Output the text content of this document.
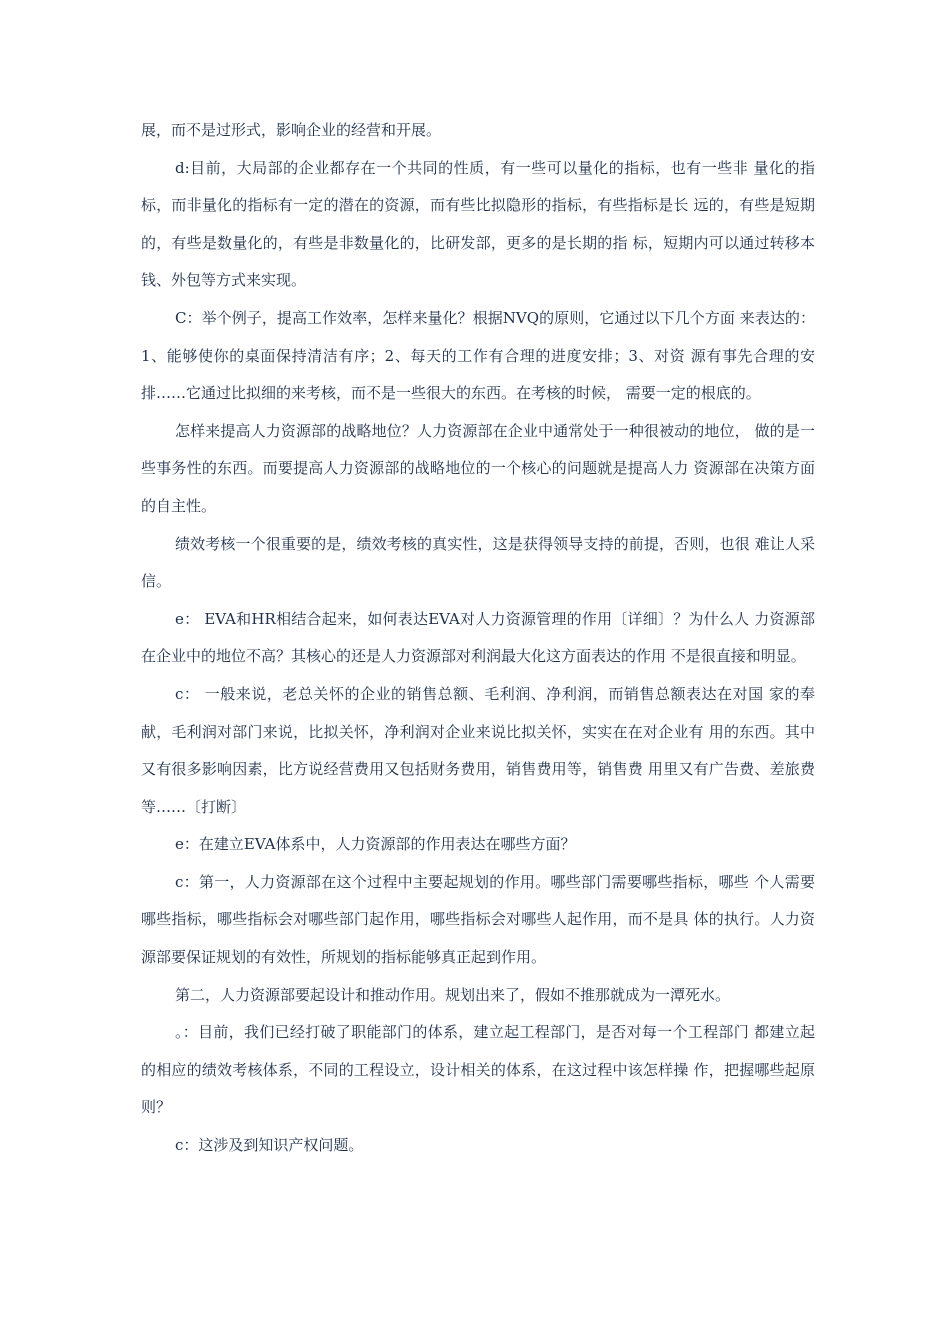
展，而不是过形式，影响企业的经营和开展。

d:目前，大局部的企业都存在一个共同的性质，有一些可以量化的指标，也有一些非 量化的指标，而非量化的指标有一定的潜在的资源，而有些比拟隐形的指标，有些指标是长 远的，有些是短期的，有些是数量化的，有些是非数量化的，比研发部，更多的是长期的指 标，短期内可以通过转移本钱、外包等方式来实现。

C：举个例子，提高工作效率，怎样来量化？根据NVQ的原则，它通过以下几个方面 来表达的：1、能够使你的桌面保持清洁有序；2、每天的工作有合理的进度安排；3、对资 源有事先合理的安排……它通过比拟细的来考核，而不是一些很大的东西。在考核的时候， 需要一定的根底的。

怎样来提高人力资源部的战略地位？人力资源部在企业中通常处于一种很被动的地位， 做的是一些事务性的东西。而要提高人力资源部的战略地位的一个核心的问题就是提高人力 资源部在决策方面的自主性。

绩效考核一个很重要的是，绩效考核的真实性，这是获得领导支持的前提，否则，也很 难让人采信。

e： EVA和HR相结合起来，如何表达EVA对人力资源管理的作用〔详细〕？为什么人 力资源部在企业中的地位不高？其核心的还是人力资源部对利润最大化这方面表达的作用 不是很直接和明显。

c： 一般来说，老总关怀的企业的销售总额、毛利润、净利润，而销售总额表达在对国 家的奉献，毛利润对部门来说，比拟关怀，净利润对企业来说比拟关怀，实实在在对企业有 用的东西。其中又有很多影响因素，比方说经营费用又包括财务费用，销售费用等，销售费 用里又有广告费、差旅费等……〔打断〕

e：在建立EVA体系中，人力资源部的作用表达在哪些方面？

c：第一，人力资源部在这个过程中主要起规划的作用。哪些部门需要哪些指标，哪些 个人需要哪些指标，哪些指标会对哪些部门起作用，哪些指标会对哪些人起作用，而不是具 体的执行。人力资源部要保证规划的有效性，所规划的指标能够真正起到作用。

第二，人力资源部要起设计和推动作用。规划出来了，假如不推那就成为一潭死水。

。：目前，我们已经打破了职能部门的体系，建立起工程部门，是否对每一个工程部门 都建立起的相应的绩效考核体系，不同的工程设立，设计相关的体系，在这过程中该怎样操 作，把握哪些起原则？

c：这涉及到知识产权问题。
